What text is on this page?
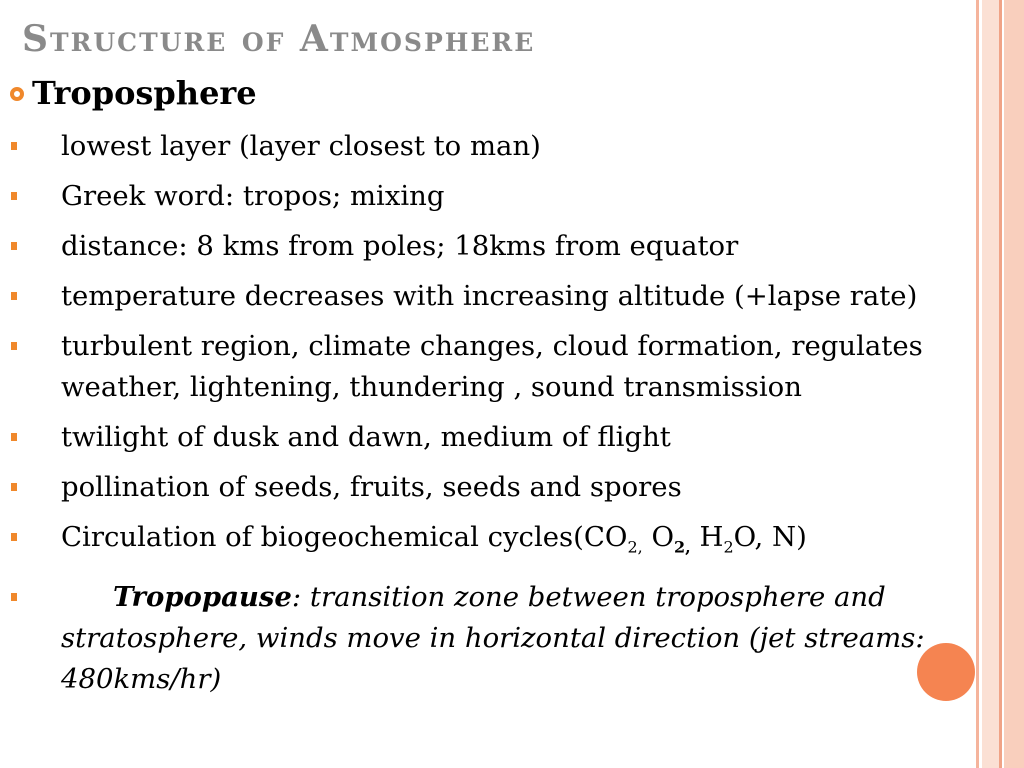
Structure of Atmosphere
Troposphere
lowest layer (layer closest to man)
Greek word: tropos; mixing
distance: 8 kms from poles; 18kms from equator
temperature decreases with increasing altitude (+lapse rate)
turbulent region, climate changes, cloud formation, regulates weather, lightening, thundering , sound transmission
twilight of dusk and dawn, medium of flight
pollination of seeds, fruits, seeds and spores
Circulation of biogeochemical $cycles(CO_{2,}$ $O_{2,}$ $H_2O$, N)
Tropopause: transition zone between troposphere and stratosphere, winds move in horizontal direction (jet streams: 480kms/hr)
